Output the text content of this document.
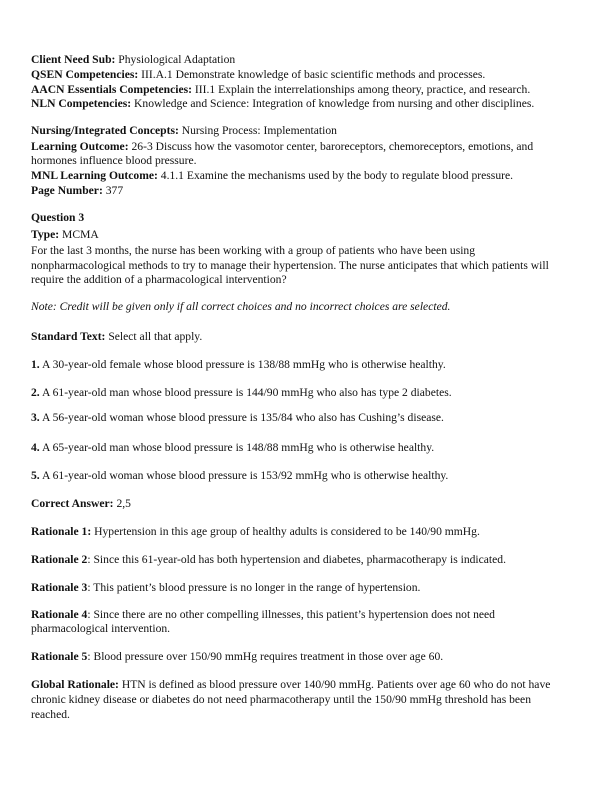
Client Need Sub: Physiological Adaptation
QSEN Competencies: III.A.1 Demonstrate knowledge of basic scientific methods and processes.
AACN Essentials Competencies: III.1 Explain the interrelationships among theory, practice, and research.
NLN Competencies: Knowledge and Science: Integration of knowledge from nursing and other disciplines.
Nursing/Integrated Concepts: Nursing Process: Implementation
Learning Outcome: 26-3 Discuss how the vasomotor center, baroreceptors, chemoreceptors, emotions, and
hormones influence blood pressure.
MNL Learning Outcome: 4.1.1 Examine the mechanisms used by the body to regulate blood pressure.
Page Number: 377
Question 3
Type: MCMA
For the last 3 months, the nurse has been working with a group of patients who have been using
nonpharmacological methods to try to manage their hypertension. The nurse anticipates that which patients will
require the addition of a pharmacological intervention?
Note: Credit will be given only if all correct choices and no incorrect choices are selected.
Standard Text: Select all that apply.
1. A 30-year-old female whose blood pressure is 138/88 mmHg who is otherwise healthy.
2. A 61-year-old man whose blood pressure is 144/90 mmHg who also has type 2 diabetes.
3. A 56-year-old woman whose blood pressure is 135/84 who also has Cushing’s disease.
4. A 65-year-old man whose blood pressure is 148/88 mmHg who is otherwise healthy.
5. A 61-year-old woman whose blood pressure is 153/92 mmHg who is otherwise healthy.
Correct Answer: 2,5
Rationale 1: Hypertension in this age group of healthy adults is considered to be 140/90 mmHg.
Rationale 2: Since this 61-year-old has both hypertension and diabetes, pharmacotherapy is indicated.
Rationale 3: This patient’s blood pressure is no longer in the range of hypertension.
Rationale 4: Since there are no other compelling illnesses, this patient’s hypertension does not need
pharmacological intervention.
Rationale 5: Blood pressure over 150/90 mmHg requires treatment in those over age 60.
Global Rationale: HTN is defined as blood pressure over 140/90 mmHg. Patients over age 60 who do not have
chronic kidney disease or diabetes do not need pharmacotherapy until the 150/90 mmHg threshold has been
reached.
